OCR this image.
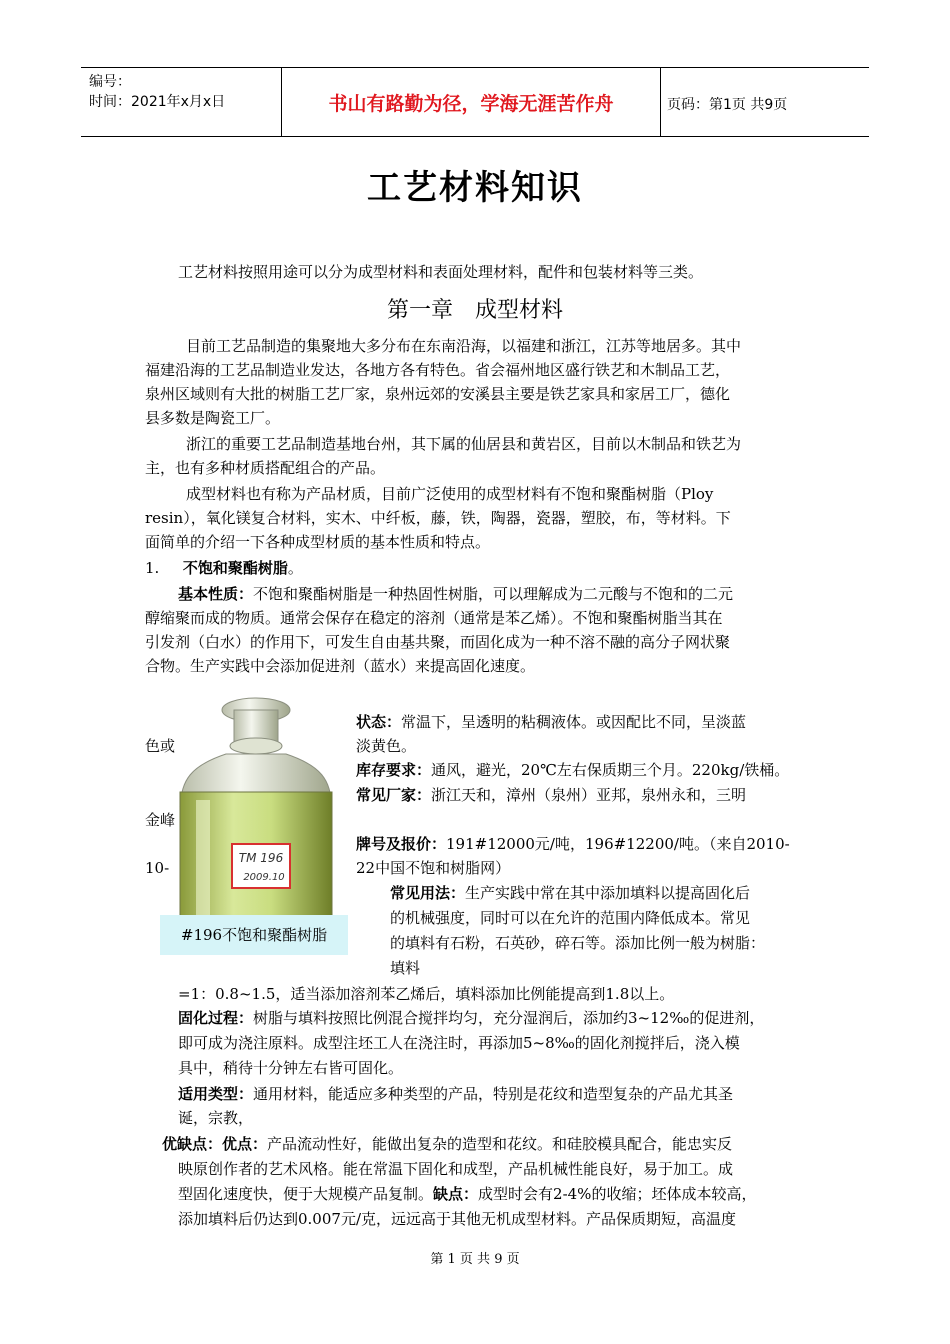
编号：
时间：2021年x月x日	书山有路勤为径，学海无涯苦作舟	页码：第1页 共9页
工艺材料知识

工艺材料按照用途可以分为成型材料和表面处理材料，配件和包装材料等三类。

第一章　成型材料

目前工艺品制造的集聚地大多分布在东南沿海，以福建和浙江，江苏等地居多。其中

福建沿海的工艺品制造业发达，各地方各有特色。省会福州地区盛行铁艺和木制品工艺，

泉州区域则有大批的树脂工艺厂家，泉州远郊的安溪县主要是铁艺家具和家居工厂，德化

县多数是陶瓷工厂。

浙江的重要工艺品制造基地台州，其下属的仙居县和黄岩区，目前以木制品和铁艺为

主，也有多种材质搭配组合的产品。

成型材料也有称为产品材质，目前广泛使用的成型材料有不饱和聚酯树脂（Ploy

resin），氧化镁复合材料，实木、中纤板，藤，铁，陶器，瓷器，塑胶，布，等材料。下

面简单的介绍一下各种成型材质的基本性质和特点。

1. 不饱和聚酯树脂。

基本性质：不饱和聚酯树脂是一种热固性树脂，可以理解成为二元酸与不饱和的二元

醇缩聚而成的物质。通常会保存在稳定的溶剂（通常是苯乙烯）。不饱和聚酯树脂当其在

引发剂（白水）的作用下，可发生自由基共聚，而固化成为一种不溶不融的高分子网状聚

合物。生产实践中会添加促进剂（蓝水）来提高固化速度。

TM 196
2009.10
#196不饱和聚酯树脂

状态：常温下，呈透明的粘稠液体。或因配比不同，呈淡蓝

色或	淡黄色。

库存要求：通风，避光，20℃左右保质期三个月。220kg/铁桶。

常见厂家：浙江天和，漳州（泉州）亚邦，泉州永和，三明

金峰

牌号及报价：191#12000元/吨，196#12200/吨。（来自2010-

10-	22中国不饱和树脂网）

常见用法：生产实践中常在其中添加填料以提高固化后

的机械强度，同时可以在允许的范围内降低成本。常见

的填料有石粉，石英砂，碎石等。添加比例一般为树脂：

填料

=1：0.8~1.5，适当添加溶剂苯乙烯后，填料添加比例能提高到1.8以上。

固化过程：树脂与填料按照比例混合搅拌均匀，充分湿润后，添加约3~12‰的促进剂，

即可成为浇注原料。成型注坯工人在浇注时，再添加5~8‰的固化剂搅拌后，浇入模

具中，稍待十分钟左右皆可固化。

适用类型：通用材料，能适应多种类型的产品，特别是花纹和造型复杂的产品尤其圣

诞，宗教，

优缺点：优点：产品流动性好，能做出复杂的造型和花纹。和硅胶模具配合，能忠实反

映原创作者的艺术风格。能在常温下固化和成型，产品机械性能良好，易于加工。成

型固化速度快，便于大规模产品复制。缺点：成型时会有2-4%的收缩；坯体成本较高，

添加填料后仍达到0.007元/克，远远高于其他无机成型材料。产品保质期短，高温度

第 1 页 共 9 页
